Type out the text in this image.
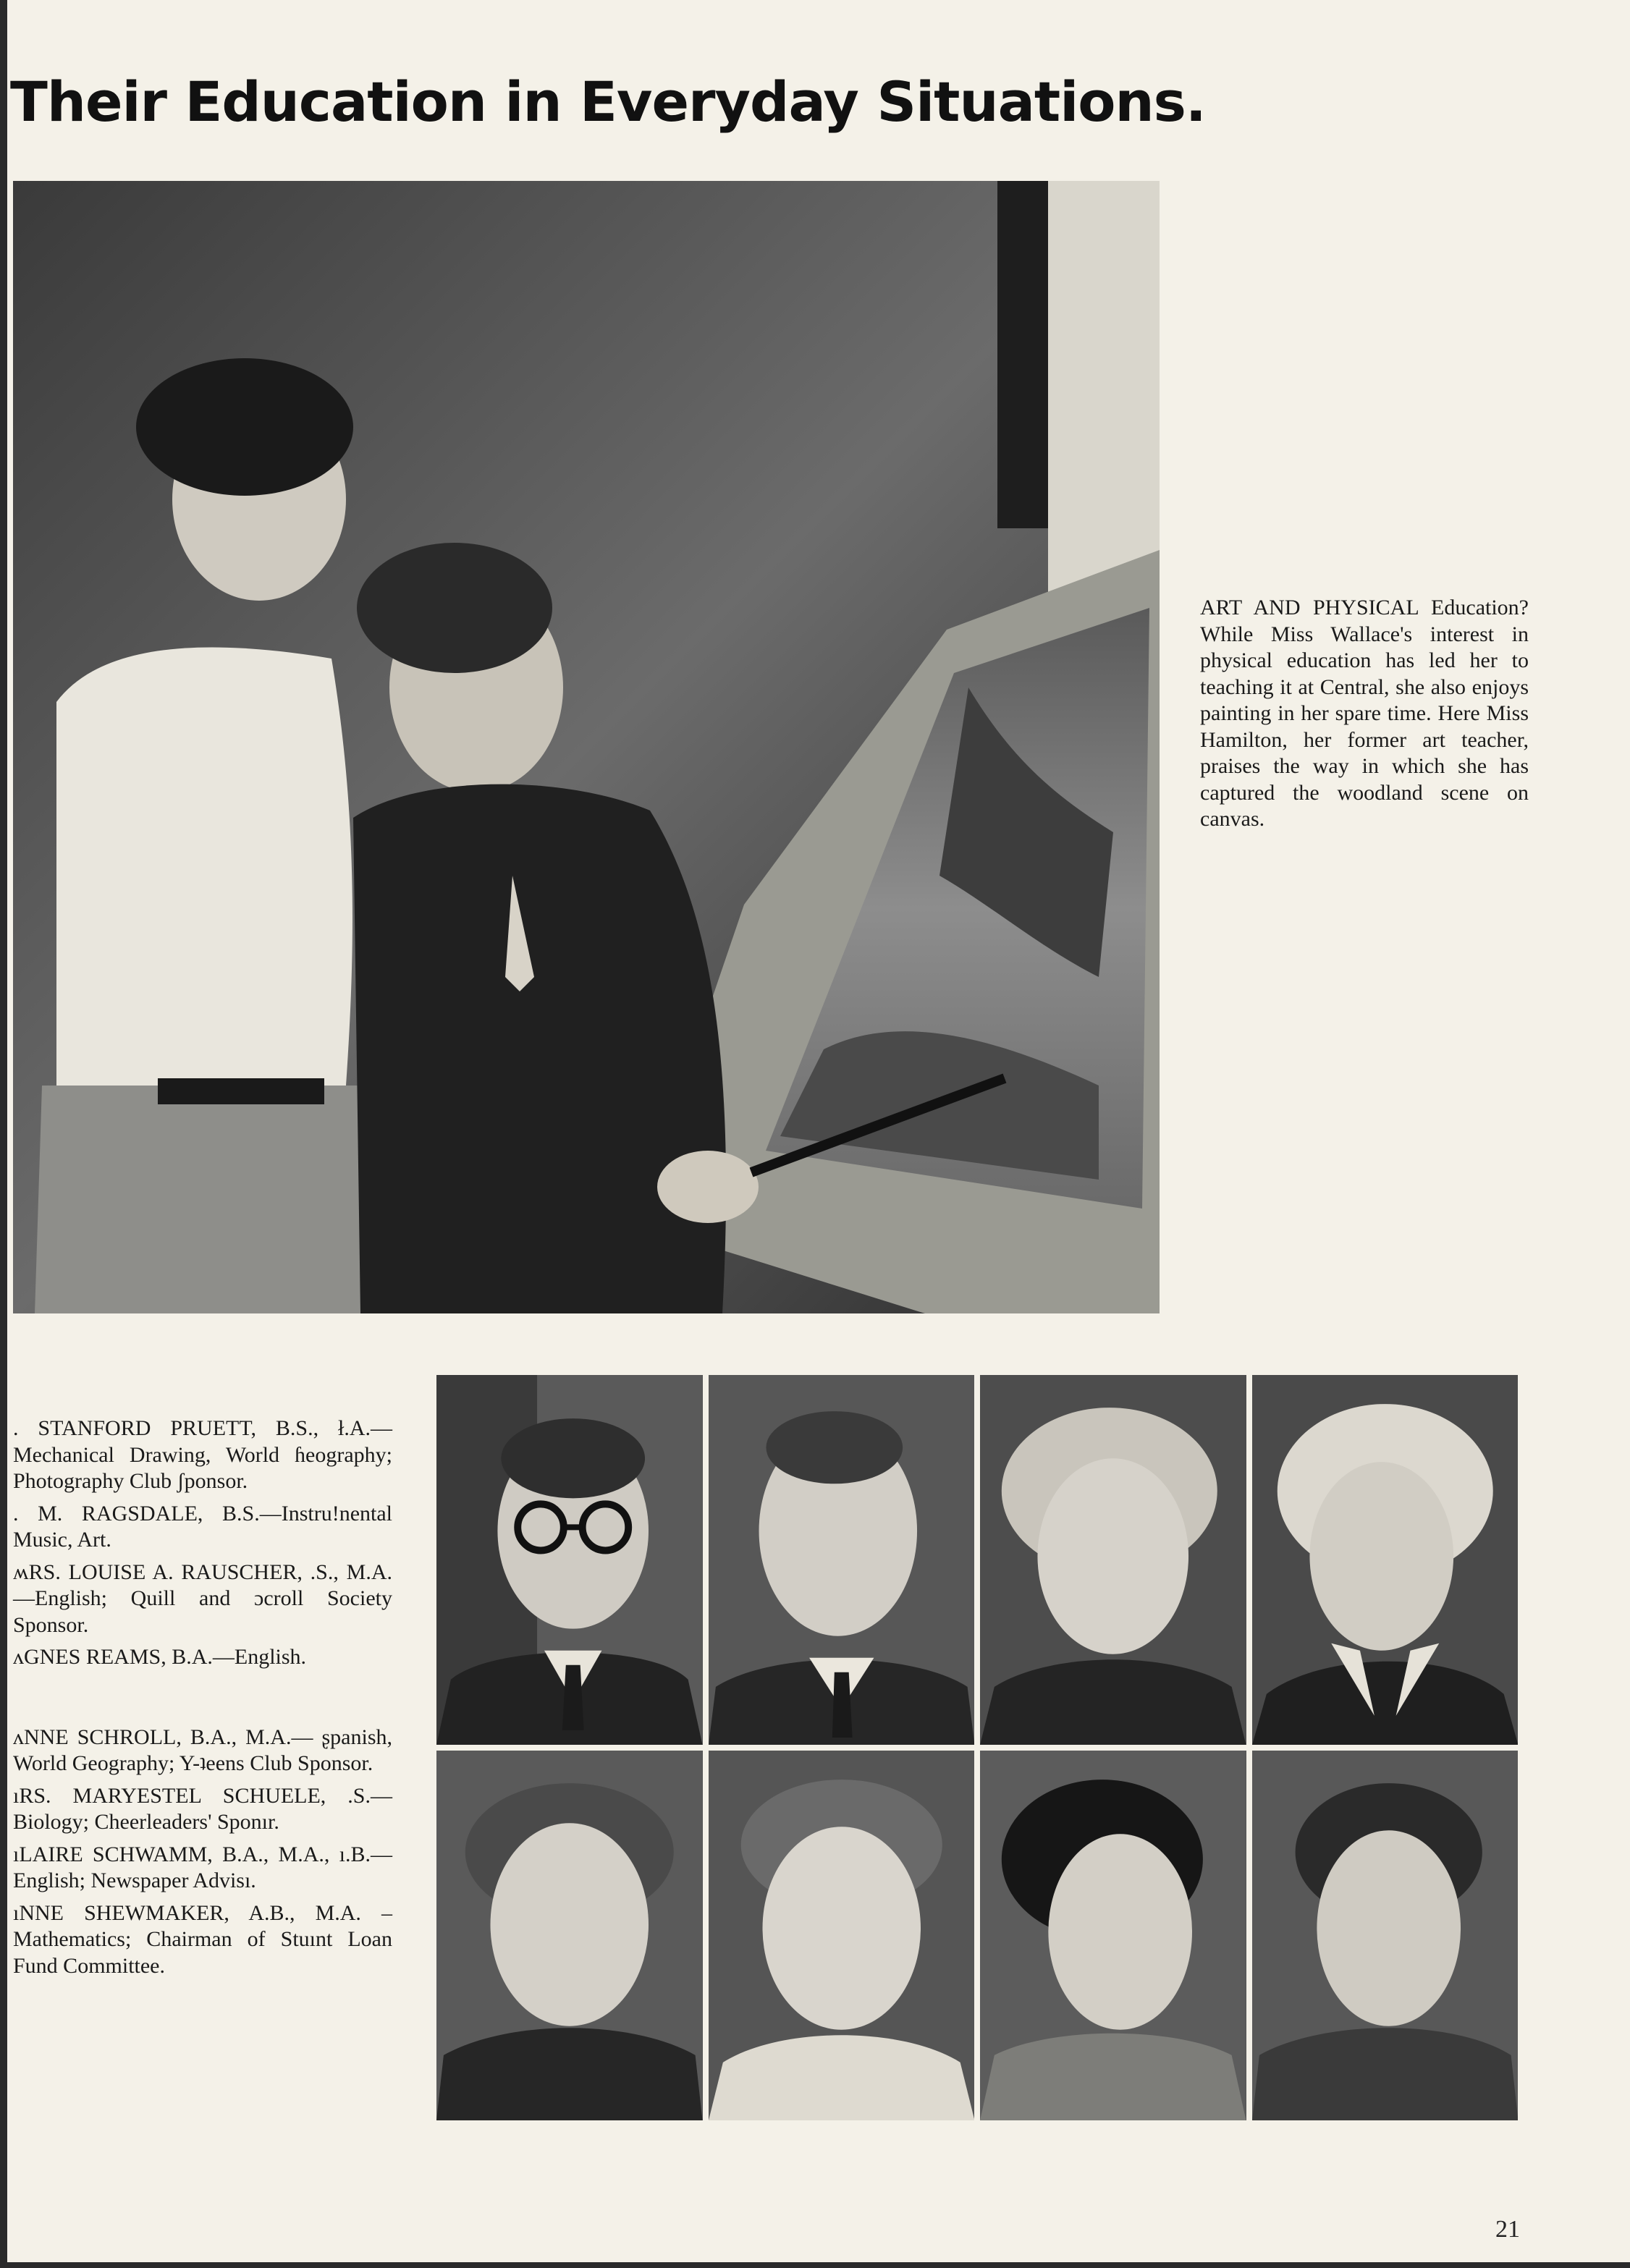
Their Education in Everyday Situations.
ART AND PHYSICAL Education? While Miss Wallace's interest in physical education has led her to teaching it at Central, she also enjoys painting in her spare time. Here Miss Hamilton, her former art teacher, praises the way in which she has captured the woodland scene on canvas.

. STANFORD PRUETT, B.S., ł.A.—Mechanical Drawing, World ɦeography; Photography Club ʃponsor.

. M. RAGSDALE, B.S.—Instru!nental Music, Art.

ʍRS. LOUISE A. RAUSCHER, .S., M.A.—English; Quill and ɔcroll Society Sponsor.

ʌGNES REAMS, B.A.—English.

ʌNNE SCHROLL, B.A., M.A.— ʂpanish, World Geography; Y-ʇeens Club Sponsor.

ıRS. MARYESTEL SCHUELE, .S.—Biology; Cheerleaders' Sponır.

ıLAIRE SCHWAMM, B.A., M.A., ı.B.—English; Newspaper Advisı.

ıNNE SHEWMAKER, A.B., M.A. –Mathematics; Chairman of Stuınt Loan Fund Committee.

21
